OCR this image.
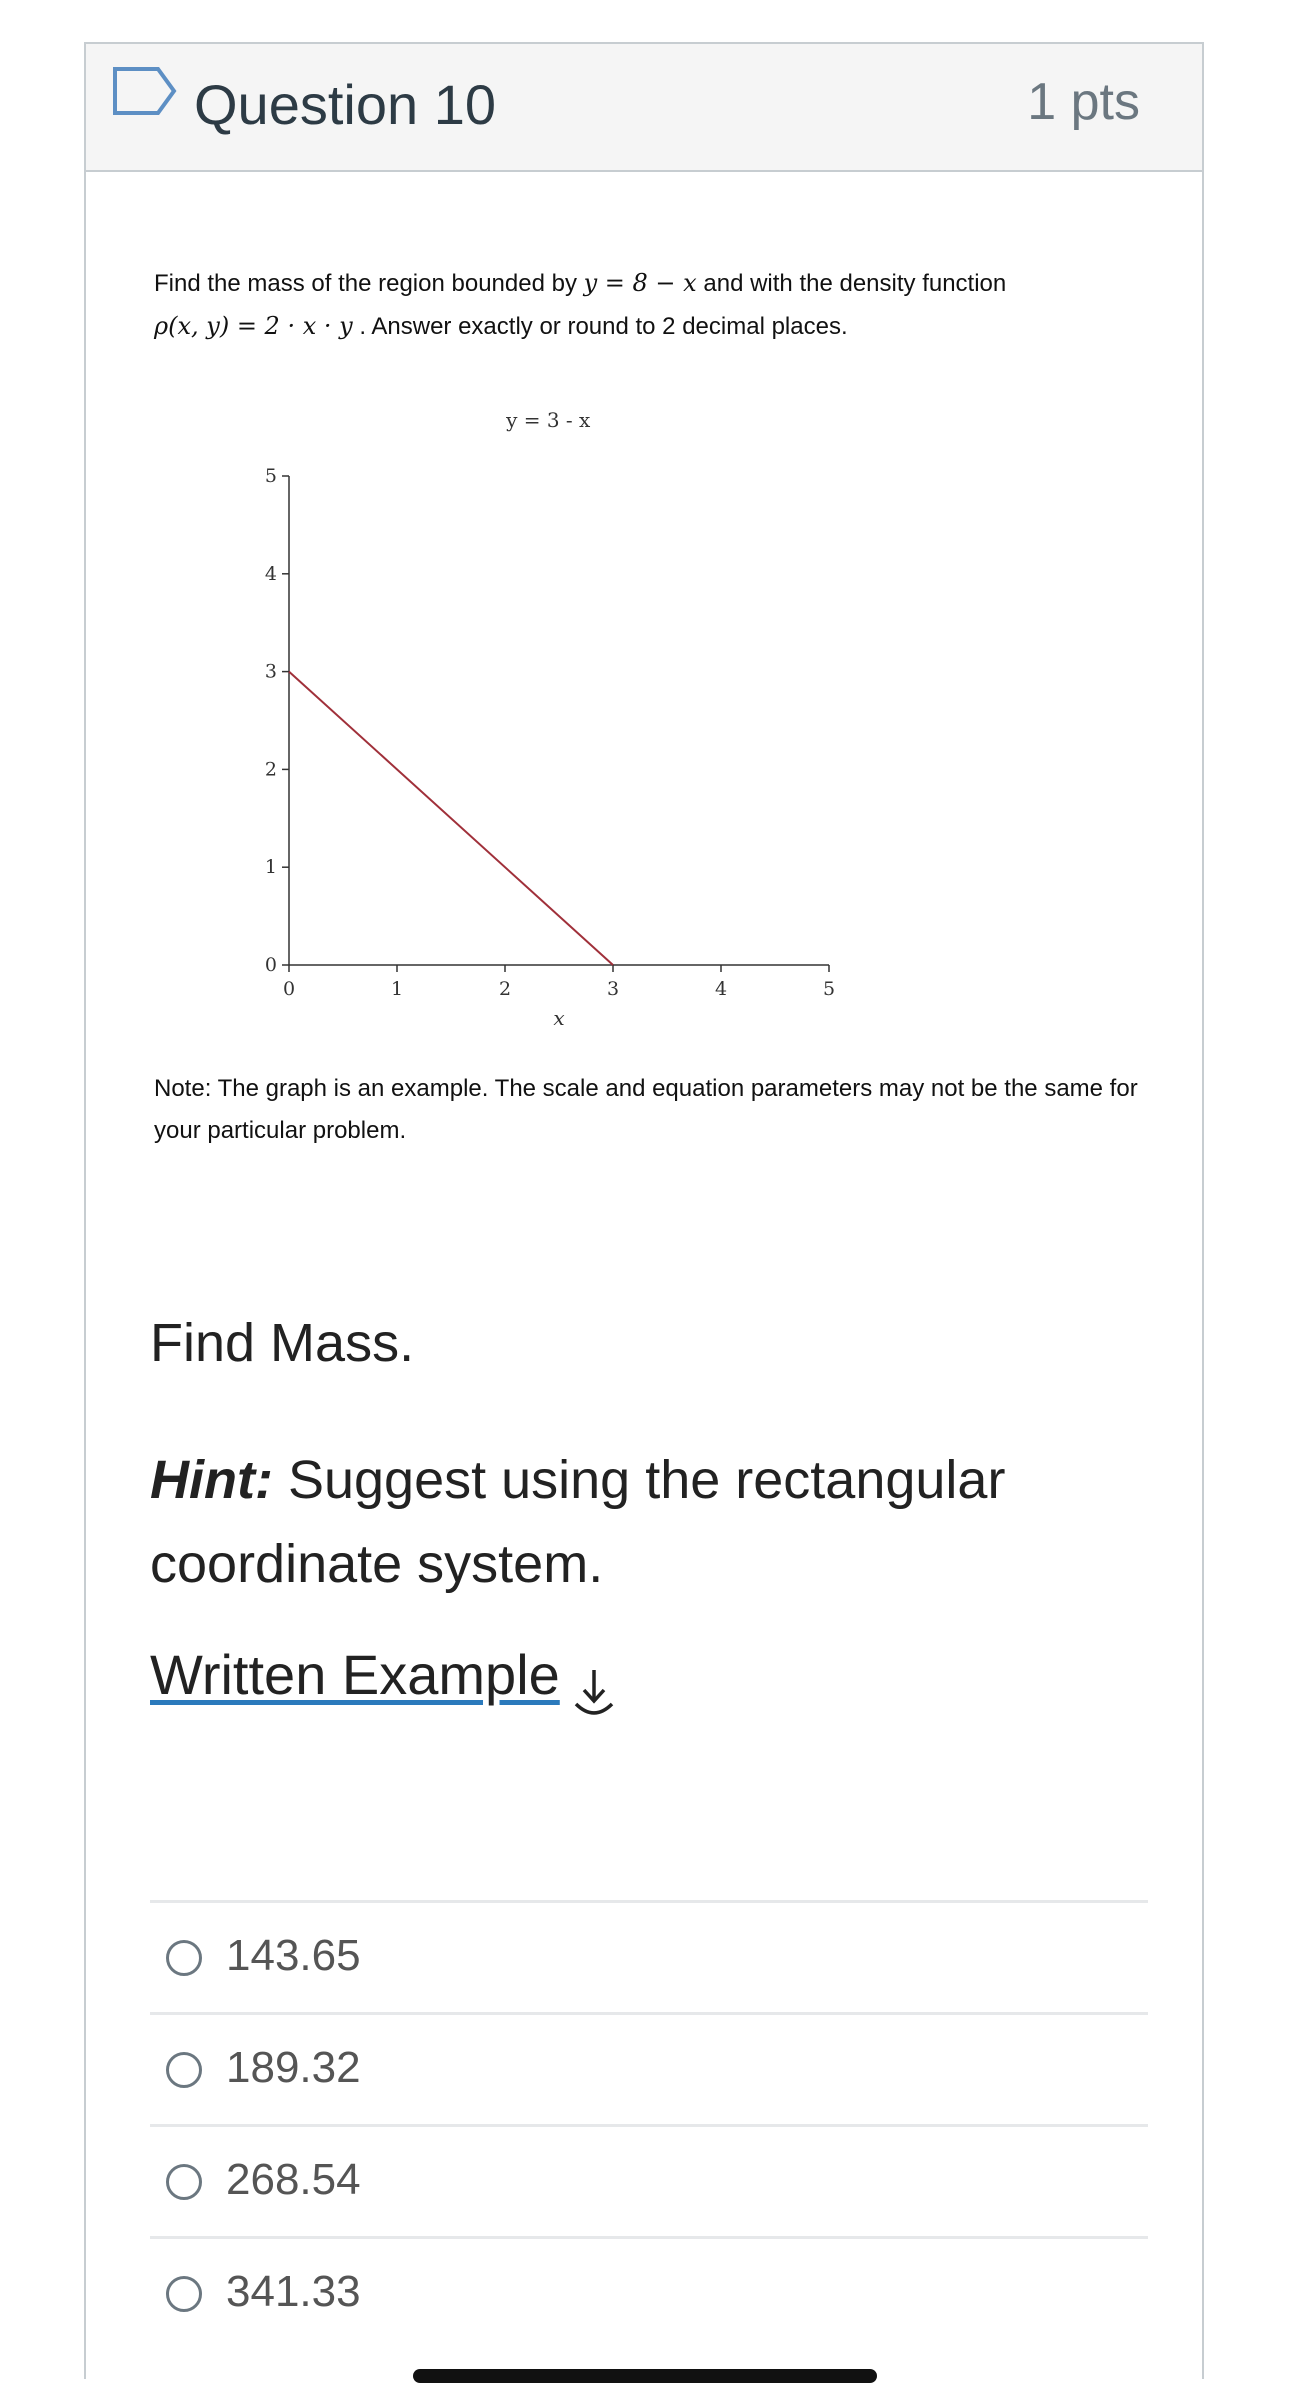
Question 10	1 pts
Find the mass of the region bounded by y = 8 − x and with the density function
ρ(x, y) = 2 · x · y . Answer exactly or round to 2 decimal places.
0	1	2	3	4	5
0
1
2
3
4
5
y = 3 - x
x
Note: The graph is an example. The scale and equation parameters may not be the same for your particular problem.
Find Mass.
Hint: Suggest using the rectangular coordinate system.
Written Example
143.65
189.32
268.54
341.33
